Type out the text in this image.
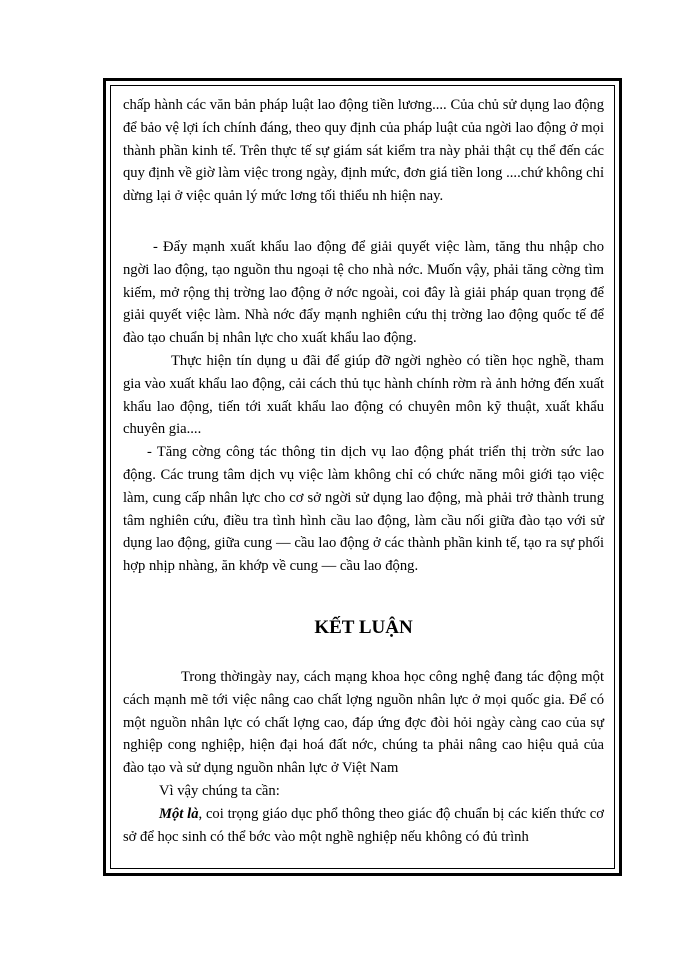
chấp hành các văn bản pháp luật lao động tiền lương.... Của chủ sử dụng lao động để bảo vệ lợi ích chính đáng, theo quy định của pháp luật của ngời lao động ở mọi thành phần kinh tế. Trên thực tế sự giám sát kiểm tra này phải thật cụ thể đến các quy định về giờ làm việc trong ngày, định mức, đơn giá tiền long ....chứ không chỉ dừng lại ở việc quản lý mức lơng tối thiểu nh hiện nay.

- Đẩy mạnh xuất khẩu lao động để giải quyết việc làm, tăng thu nhập cho ngời lao động, tạo nguồn thu ngoại tệ cho nhà nớc. Muốn vậy, phải tăng cờng tìm kiếm, mở rộng thị trờng lao động ở nớc ngoài, coi đây là giải pháp quan trọng để giải quyết việc làm. Nhà nớc đẩy mạnh nghiên cứu thị trờng lao động quốc tế để đào tạo chuẩn bị nhân lực cho xuất khẩu lao động.

Thực hiện tín dụng u đãi để giúp đỡ ngời nghèo có tiền học nghề, tham gia vào xuất khẩu lao động, cải cách thủ tục hành chính rờm rà ảnh hởng đến xuất khẩu lao động, tiến tới xuất khẩu lao động có chuyên môn kỹ thuật, xuất khẩu chuyên gia....

- Tăng cờng công tác thông tin dịch vụ lao động phát triển thị trờn sức lao động. Các trung tâm dịch vụ việc làm không chỉ có chức năng môi giới tạo việc làm, cung cấp nhân lực cho cơ sở ngời sử dụng lao động, mà phải trở thành trung tâm nghiên cứu, điều tra tình hình cầu lao động, làm cầu nối giữa đào tạo với sử dụng lao động, giữa cung — cầu lao động ở các thành phần kinh tế, tạo ra sự phối hợp nhịp nhàng, ăn khớp về cung — cầu lao động.

KẾT LUẬN

Trong thờingày nay, cách mạng khoa học công nghệ đang tác động một cách mạnh mẽ tới việc nâng cao chất lợng nguồn nhân lực ở mọi quốc gia. Để có một nguồn nhân lực có chất lợng cao, đáp ứng đợc đòi hỏi ngày càng cao của sự nghiệp cong nghiệp, hiện đại hoá đất nớc, chúng ta phải nâng cao hiệu quả của đào tạo và sử dụng nguồn nhân lực ở Việt Nam

Vì vậy chúng ta cần:

Một là, coi trọng giáo dục phổ thông theo giác độ chuẩn bị các kiến thức cơ sở để học sinh có thể bớc vào một nghề nghiệp nếu không có đủ trình
